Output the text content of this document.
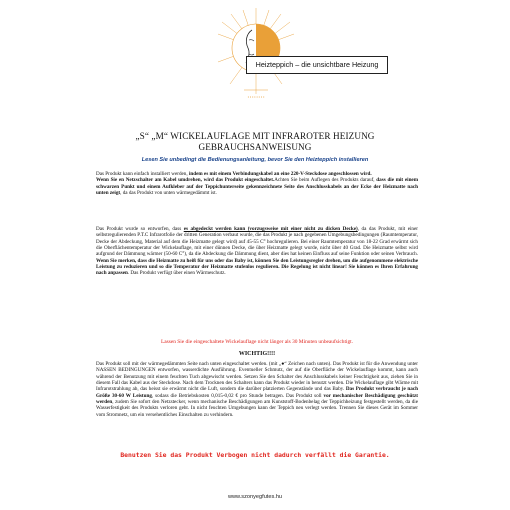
• • • • • • • •
Heizteppich – die unsichtbare Heizung
„S“ „M“ WICKELAUFLAGE MIT INFRAROTER HEIZUNG
GEBRAUCHSANWEISUNG
Lesen Sie unbedingt die Bedienungsanleitung, bevor Sie den Heizteppich installieren
Das Produkt kann einfach installiert werden, indem es mit einem Verbindungskabel an eine 220-V-Steckdose angeschlossen wird.
Wenn Sie en Netzschalter am Kabel umdrehen, wird das Produkt eingeschaltet.Achten Sie beim Auflegen des Produkts darauf, dass die mit einem schwarzen Punkt und einem Aufkleber auf der Teppichunterseite gekennzeichnete Seite des Anschlusskabels an der Ecke der Heizmatte nach unten zeigt, da das Produkt von unten wärmegedämmt ist.
Das Produkt wurde so entworfen, dass es abgedeckt werden kann (vorzugsweise mit einer nicht zu dicken Decke), da das Produkt, mit einer selbstregulierenden P.T.C Infrarotfolie der dritten Generation verbaut wurde, die das Produkt je nach gegebenen Umgebungsbedingungen (Raumtemperatur, Decke der Abdeckung, Material auf dem die Heizmatte gelegt wird) auf 45-55 C° hochregulieren. Bei einer Raumtemperatur von 18-22 Grad erwärmt sich die Oberflächentemperatur der Wickelauflage, mit einer dünnen Decke, die über Heizmatte gelegt wurde, nicht über 40 Grad. Die Heizmatte selbst wird aufgrund der Dämmung wärmer (50-60 C°), da die Abdeckung die Dämmung dient, aber dies hat keinen Einfluss auf seine Funktion oder seinen Verbrauch. Wenn Sie merken, dass die Heizmatte zu heiß für uns oder das Baby ist, können Sie den Leistungsregler drehen, um die aufgenommene elektrische Leistung zu reduzieren und so die Temperatur der Heizmatte stufenlos regulieren. Die Regelung ist nicht linear! Sie können es Ihren Erfahrung nach anpassen. Das Produkt verfügt über einen Wärmeschutz.
Lassen Sie die eingeschaltete Wickelauflage nicht länger als 30 Minuten unbeaufsichtigt.
WICHTIG!!!!
Das Produkt soll mit der wärmegedämmten Seite nach unten eingeschaltet werden. (mit „●“ Zeichen nach unten). Das Produkt ist für die Anwendung unter NASSEN BEDINGUNGEN entworfen, wasserdichte Ausführung. Eventueller Schmutz, der auf die Oberfläche der Wickelauflage kommt, kann auch während der Benutzung mit einem feuchten Tuch abgewischt werden. Setzen Sie den Schalter des Anschlusskabels keiner Feuchtigkeit aus, ziehen Sie in diesem Fall das Kabel aus der Steckdose. Nach dem Trocknen des Schalters kann das Produkt wieder in benutzt werden. Die Wickelauflage gibt Wärme mit Infrarotstrahlung ab, das heisst sie erwärmt nicht die Luft, sondern die darüber platzierten Gegenstände und das Baby. Das Produkt verbraucht je nach Größe 30-60 W Leistung, sodass die Betriebskosten 0,015-0,02 € pro Stunde betragen. Das Produkt soll vor mechanischer Beschädigung geschützt werden, zudem Sie sofort den Netzstecker, wenn mechanische Beschädigungen am Kunststoff-Bodenbelag der Teppichheizung festgestellt werden, da die Wasserfestigkeit des Produkts verloren geht. In nicht feuchten Umgebungen kann der Teppich neu verlegt werden. Trennen Sie dieses Gerät im Sommer vom Stromnetz, um ein versehentliches Einschalten zu verhindern.
Benutzen Sie das Produkt Verbogen nicht dadurch verfällt die Garantie.
www.szonyegfutes.hu
